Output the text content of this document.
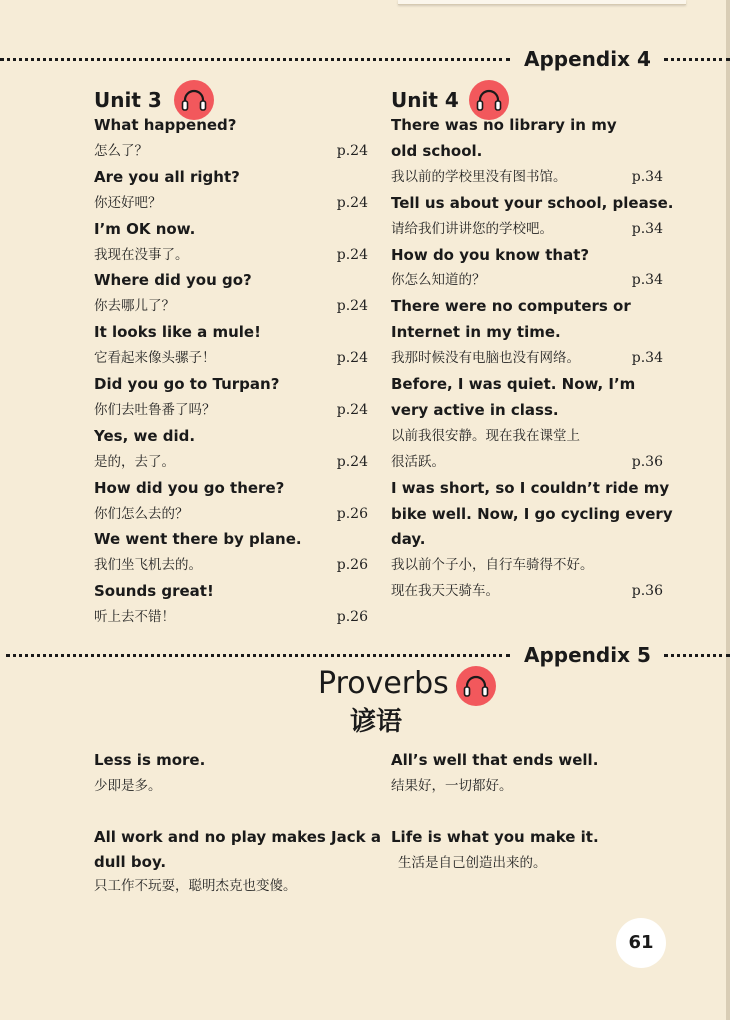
Appendix 4
Unit 3
What happened?
怎么了？	p.24
Are you all right?
你还好吧？	p.24
I’m OK now.
我现在没事了。	p.24
Where did you go?
你去哪儿了？	p.24
It looks like a mule!
它看起来像头骡子！	p.24
Did you go to Turpan?
你们去吐鲁番了吗？	p.24
Yes, we did.
是的，去了。	p.24
How did you go there?
你们怎么去的？	p.26
We went there by plane.
我们坐飞机去的。	p.26
Sounds great!
听上去不错！	p.26
Unit 4
There was no library in my
old school.
我以前的学校里没有图书馆。	p.34
Tell us about your school, please.
请给我们讲讲您的学校吧。	p.34
How do you know that?
你怎么知道的？	p.34
There were no computers or
Internet in my time.
我那时候没有电脑也没有网络。	p.34
Before, I was quiet. Now, I’m
very active in class.
以前我很安静。现在我在课堂上
很活跃。	p.36
I was short, so I couldn’t ride my
bike well. Now, I go cycling every
day.
我以前个子小，自行车骑得不好。
现在我天天骑车。	p.36
Appendix 5
Proverbs
谚语
Less is more.
少即是多。
All’s well that ends well.
结果好，一切都好。
All work and no play makes Jack a
dull boy.
只工作不玩耍，聪明杰克也变傻。
Life is what you make it.
生活是自己创造出来的。
61
